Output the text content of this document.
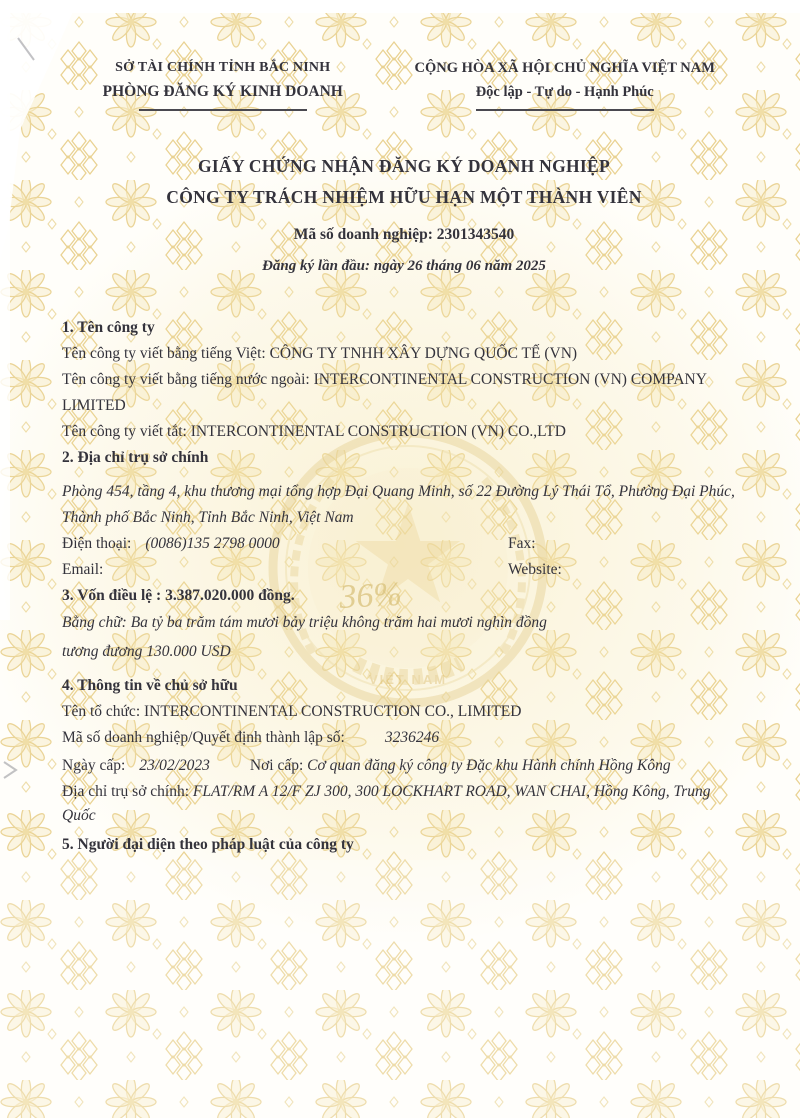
VIỆT NAM
36%

SỞ TÀI CHÍNH TỈNH BẮC NINH

PHÒNG ĐĂNG KÝ KINH DOANH

CỘNG HÒA XÃ HỘI CHỦ NGHĨA VIỆT NAM

Độc lập - Tự do - Hạnh Phúc

GIẤY CHỨNG NHẬN ĐĂNG KÝ DOANH NGHIỆP

CÔNG TY TRÁCH NHIỆM HỮU HẠN MỘT THÀNH VIÊN

Mã số doanh nghiệp: 2301343540

Đăng ký lần đầu: ngày 26 tháng 06 năm 2025

1. Tên công ty

Tên công ty viết bằng tiếng Việt: CÔNG TY TNHH XÂY DỰNG QUỐC TẾ (VN)

Tên công ty viết bằng tiếng nước ngoài: INTERCONTINENTAL CONSTRUCTION (VN) COMPANY LIMITED

Tên công ty viết tắt: INTERCONTINENTAL CONSTRUCTION (VN) CO.,LTD

2. Địa chỉ trụ sở chính

Phòng 454, tầng 4, khu thương mại tổng hợp Đại Quang Minh, số 22 Đường Lý Thái Tổ, Phường Đại Phúc, Thành phố Bắc Ninh, Tỉnh Bắc Ninh, Việt Nam

Điện thoại: (0086)135 2798 0000	Fax:

Email:	Website:

3. Vốn điều lệ : 3.387.020.000 đồng.

Bằng chữ: Ba tỷ ba trăm tám mươi bảy triệu không trăm hai mươi nghìn đồng

tương đương 130.000 USD

4. Thông tin về chủ sở hữu

Tên tổ chức: INTERCONTINENTAL CONSTRUCTION CO., LIMITED

Mã số doanh nghiệp/Quyết định thành lập số:	3236246

Ngày cấp: 23/02/2023	Nơi cấp: Cơ quan đăng ký công ty Đặc khu Hành chính Hồng Kông

Địa chỉ trụ sở chính: FLAT/RM A 12/F ZJ 300, 300 LOCKHART ROAD, WAN CHAI, Hồng Kông, Trung Quốc

5. Người đại diện theo pháp luật của công ty
